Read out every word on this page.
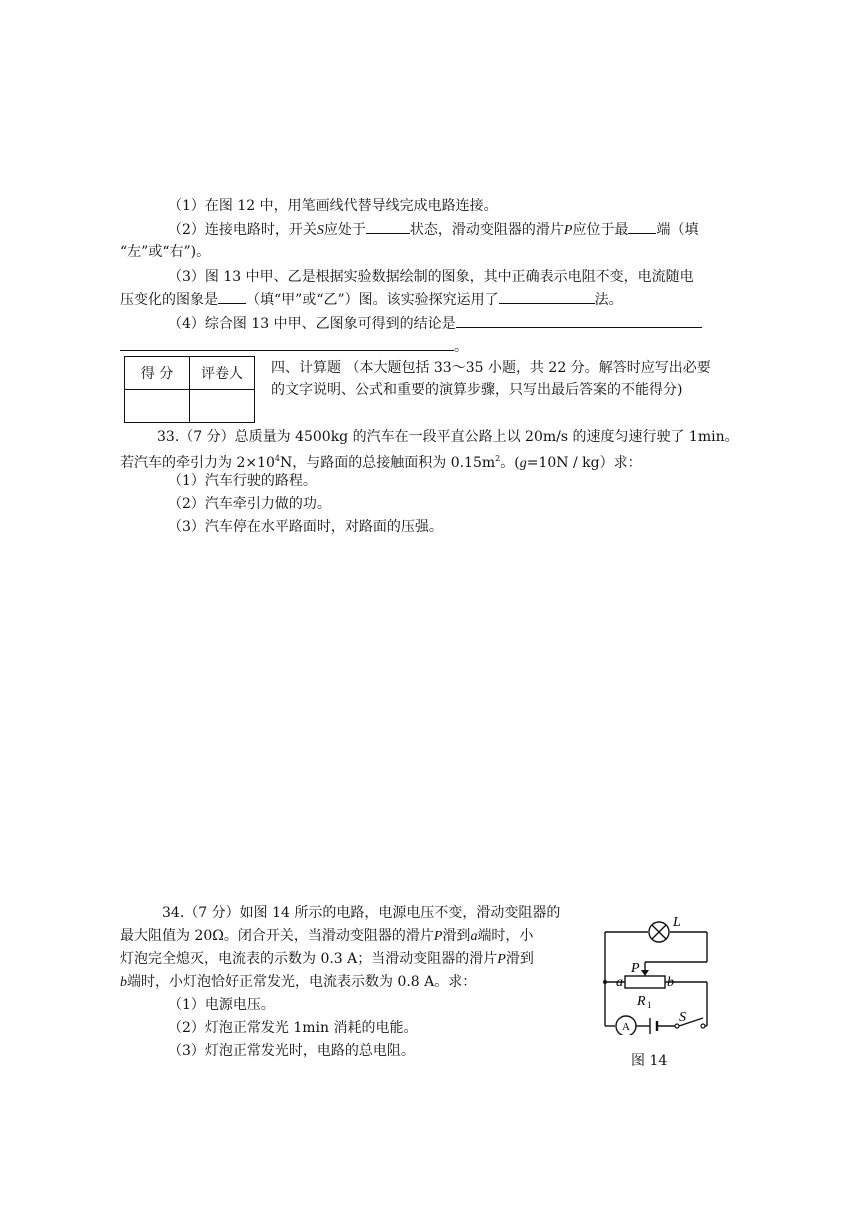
（1）在图 12 中，用笔画线代替导线完成电路连接。
（2）连接电路时，开关S应处于	状态，滑动变阻器的滑片P应位于最 端（填
“左”或“右”)。
（3）图 13 中甲、乙是根据实验数据绘制的图象，其中正确表示电阻不变，电流随电
压变化的图象是 （填“甲”或“乙”）图。该实验探究运用了	法。
（4）综合图 13 中甲、乙图象可得到的结论是
。
得 分	评卷人
	四、计算题 （本大题包括 33～35 小题，共 22 分。解答时应写出必要
的文字说明、公式和重要的演算步骤，只写出最后答案的不能得分)
33.（7 分）总质量为 4500kg 的汽车在一段平直公路上以 20m/s 的速度匀速行驶了 1min。
若汽车的牵引力为 $2\times 10^4N$，与路面的总接触面积为 $0.15m^2$。(g=10N / kg）求：
（1）汽车行驶的路程。
（2）汽车牵引力做的功。
（3）汽车停在水平路面时，对路面的压强。
34.（7 分）如图 14 所示的电路，电源电压不变，滑动变阻器的
最大阻值为 20Ω。闭合开关，当滑动变阻器的滑片P滑到a端时，小
灯泡完全熄灭，电流表的示数为 0.3 A；当滑动变阻器的滑片P滑到
b端时，小灯泡恰好正常发光，电流表示数为 0.8 A。求：
（1）电源电压。
（2）灯泡正常发光 1min 消耗的电能。
（3）灯泡正常发光时，电路的总电阻。
L
P
a	b
R 1
S
A
图 14
